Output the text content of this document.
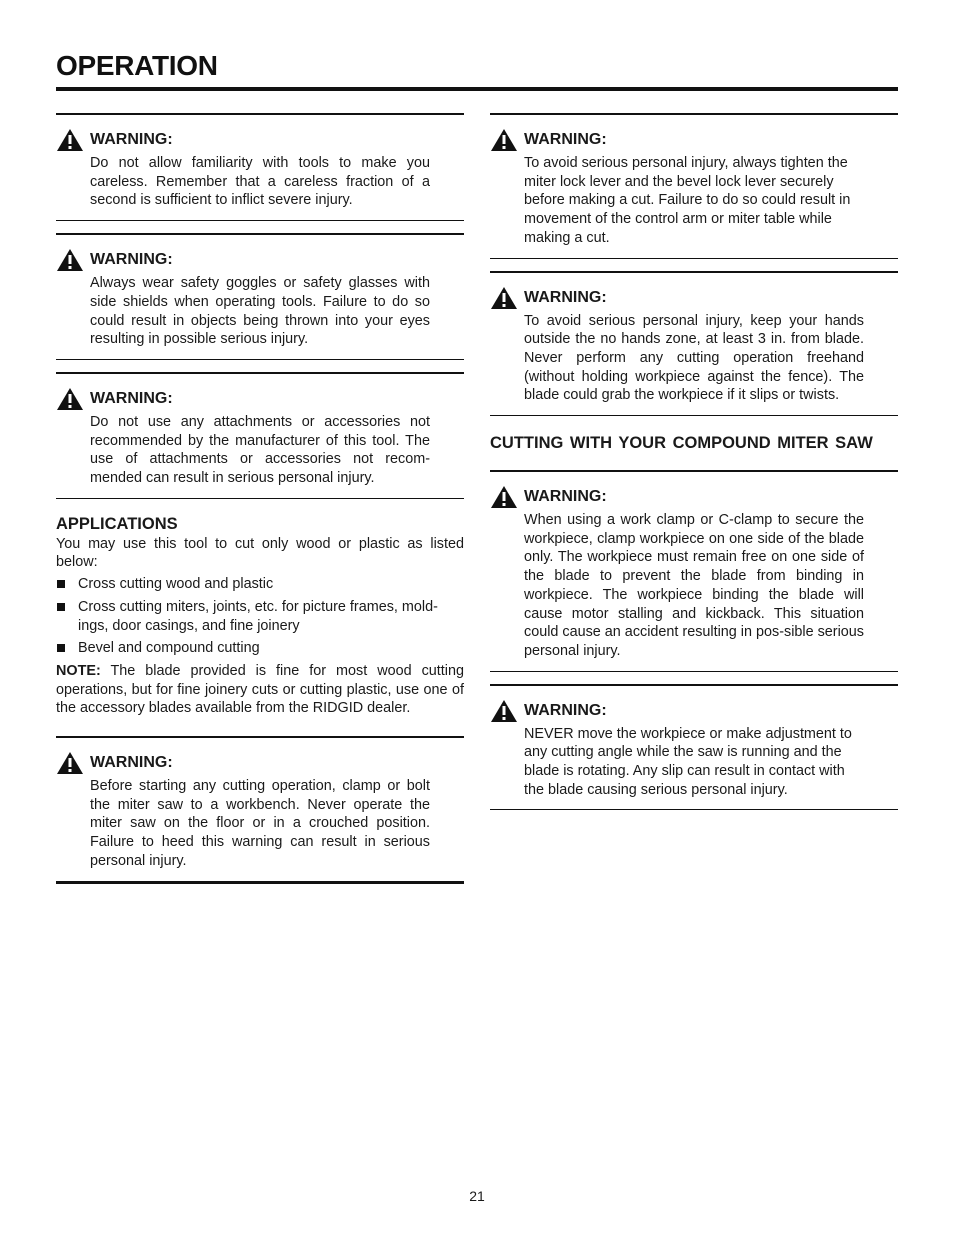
OPERATION
WARNING:

Do not allow familiarity with tools to make you careless. Remember that a careless fraction of a second is sufficient to inflict severe injury.

WARNING:

Always wear safety goggles or safety glasses with side shields when operating tools. Failure to do so could result in objects being thrown into your eyes resulting in possible serious injury.

WARNING:

Do not use any attachments or accessories not recommended by the manufacturer of this tool. The use of attachments or accessories not recom-mended can result in serious personal injury.

APPLICATIONS

You may use this tool to cut only wood or plastic as listed below:

Cross cutting wood and plastic
Cross cutting miters, joints, etc. for picture frames, mold-ings, door casings, and fine joinery
Bevel and compound cutting

NOTE: The blade provided is fine for most wood cutting operations, but for fine joinery cuts or cutting plastic, use one of the accessory blades available from the RIDGID dealer.

WARNING:

Before starting any cutting operation, clamp or bolt the miter saw to a workbench. Never operate the miter saw on the floor or in a crouched position. Failure to heed this warning can result in serious personal injury.

WARNING:

To avoid serious personal injury, always tighten the miter lock lever and the bevel lock lever securely before making a cut. Failure to do so could result in movement of the control arm or miter table while making a cut.

WARNING:

To avoid serious personal injury, keep your hands outside the no hands zone, at least 3 in. from blade. Never perform any cutting operation freehand (without holding workpiece against the fence). The blade could grab the workpiece if it slips or twists.

CUTTING WITH YOUR COMPOUND MITER SAW
WARNING:

When using a work clamp or C-clamp to secure the workpiece, clamp workpiece on one side of the blade only. The workpiece must remain free on one side of the blade to prevent the blade from binding in workpiece. The workpiece binding the blade will cause motor stalling and kickback. This situation could cause an accident resulting in pos-sible serious personal injury.

WARNING:

NEVER move the workpiece or make adjustment to any cutting angle while the saw is running and the blade is rotating. Any slip can result in contact with the blade causing serious personal injury.

21
